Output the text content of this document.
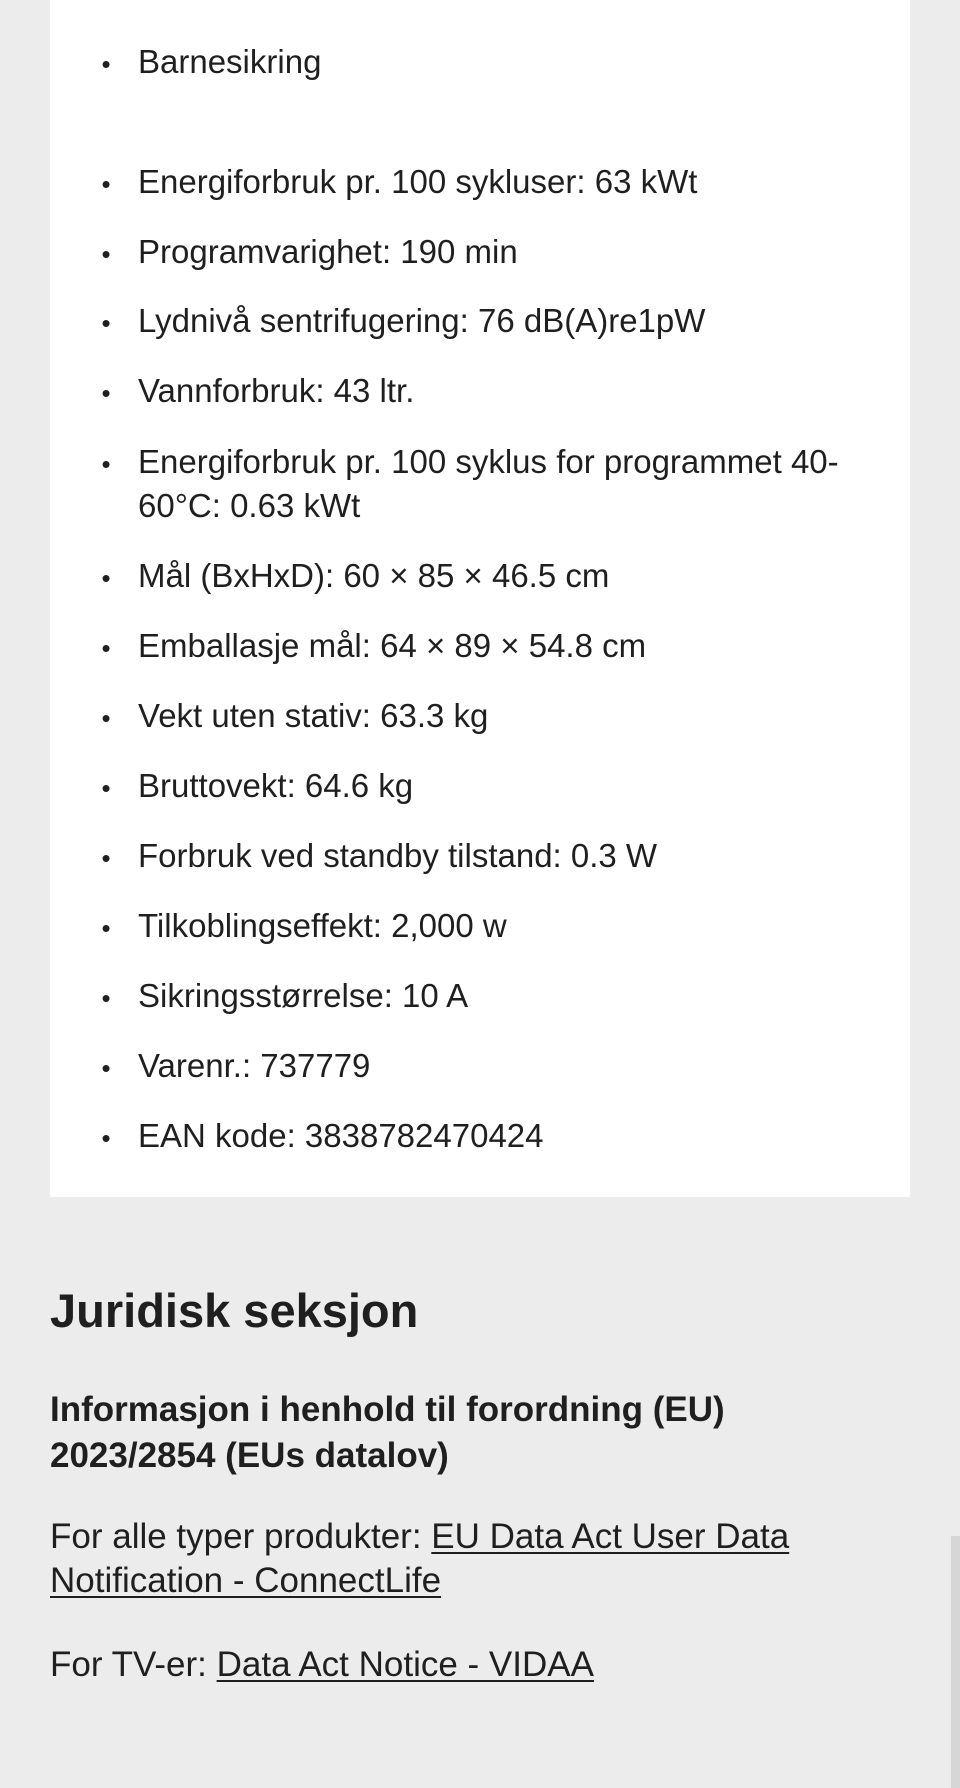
•
Barnesikring
•
Energiforbruk pr. 100 sykluser: 63 kWt
•
Programvarighet: 190 min
•
Lydnivå sentrifugering: 76 dB(A)re1pW
•
Vannforbruk: 43 ltr.
•
Energiforbruk pr. 100 syklus for programmet 40-60°C: 0.63 kWt
•
Mål (BxHxD): 60 × 85 × 46.5 cm
•
Emballasje mål: 64 × 89 × 54.8 cm
•
Vekt uten stativ: 63.3 kg
•
Bruttovekt: 64.6 kg
•
Forbruk ved standby tilstand: 0.3 W
•
Tilkoblingseffekt: 2,000 w
•
Sikringsstørrelse: 10 A
•
Varenr.: 737779
•
EAN kode: 3838782470424
Juridisk seksjon

Informasjon i henhold til forordning (EU) 2023/2854 (EUs datalov)

For alle typer produkter: EU Data Act User Data Notification - ConnectLife

For TV-er: Data Act Notice - VIDAA
